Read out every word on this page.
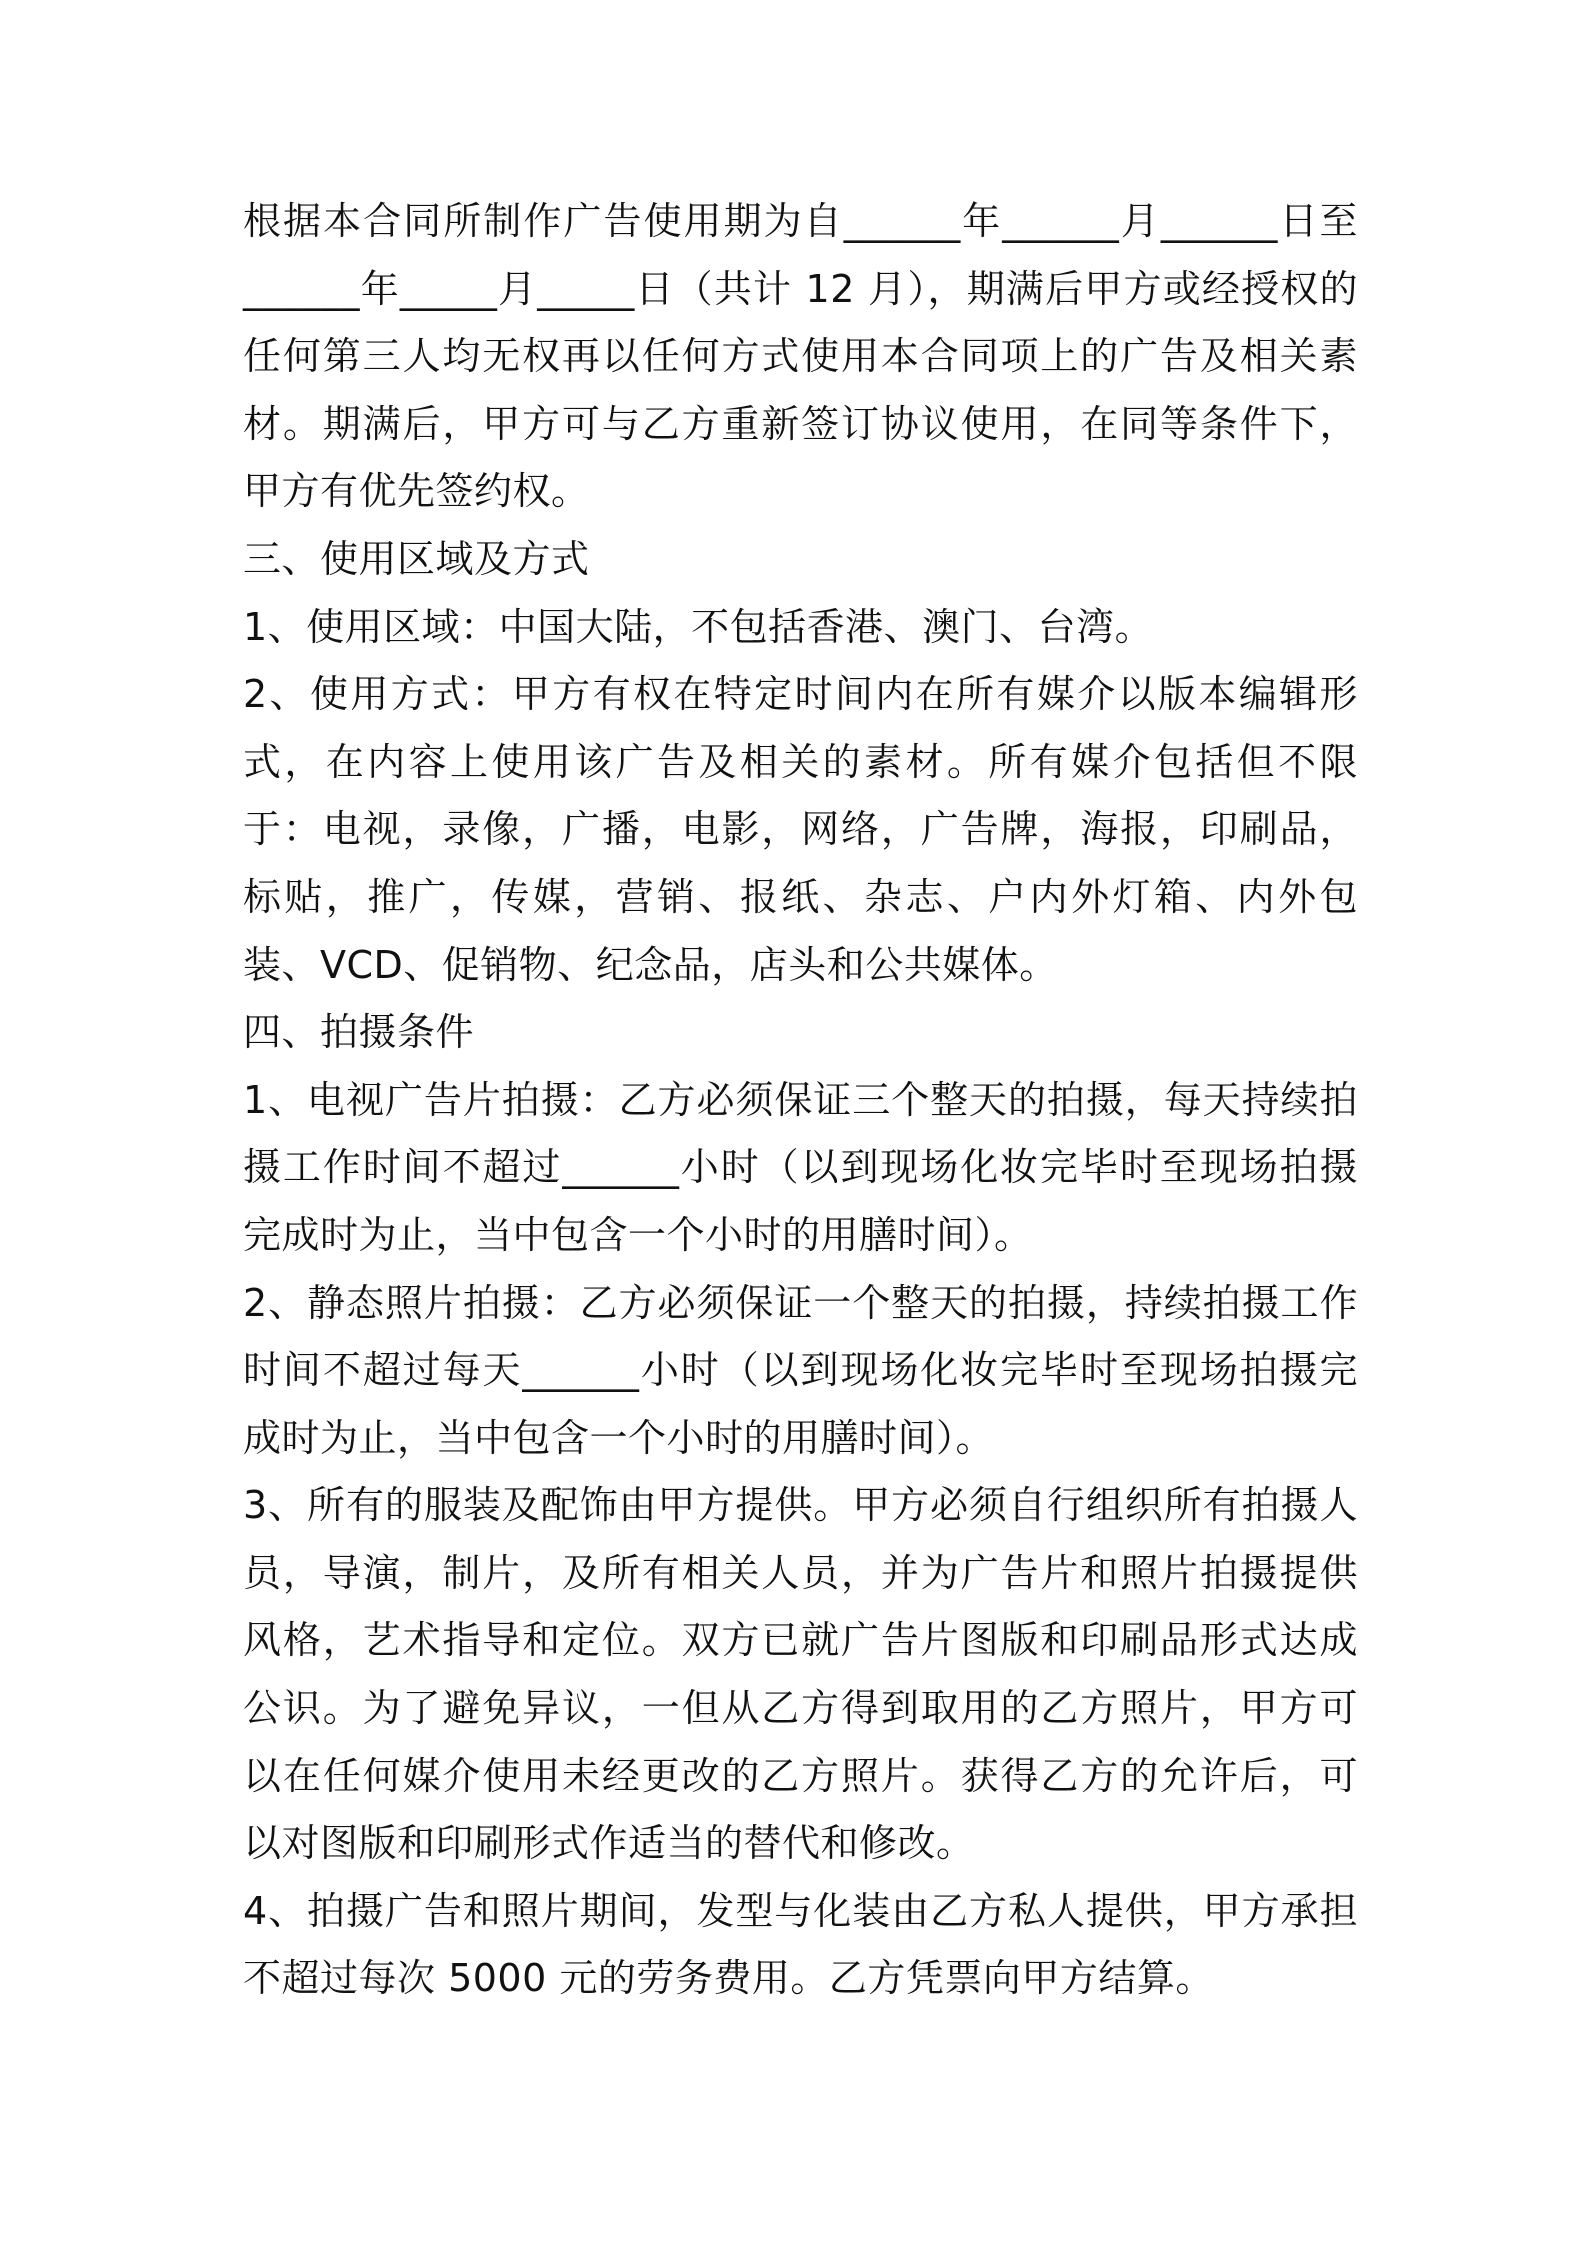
根据本合同所制作广告使用期为自______年______月______日至______年_____月_____日（共计 12 月），期满后甲方或经授权的任何第三人均无权再以任何方式使用本合同项上的广告及相关素材。期满后，甲方可与乙方重新签订协议使用，在同等条件下，甲方有优先签约权。

三、使用区域及方式

1、使用区域：中国大陆，不包括香港、澳门、台湾。

2、使用方式：甲方有权在特定时间内在所有媒介以版本编辑形式，在内容上使用该广告及相关的素材。所有媒介包括但不限于：电视，录像，广播，电影，网络，广告牌，海报，印刷品，标贴，推广，传媒，营销、报纸、杂志、户内外灯箱、内外包装、VCD、促销物、纪念品，店头和公共媒体。

四、拍摄条件

1、电视广告片拍摄：乙方必须保证三个整天的拍摄，每天持续拍摄工作时间不超过______小时（以到现场化妆完毕时至现场拍摄完成时为止，当中包含一个小时的用膳时间）。

2、静态照片拍摄：乙方必须保证一个整天的拍摄，持续拍摄工作时间不超过每天______小时（以到现场化妆完毕时至现场拍摄完成时为止，当中包含一个小时的用膳时间）。

3、所有的服装及配饰由甲方提供。甲方必须自行组织所有拍摄人员，导演，制片，及所有相关人员，并为广告片和照片拍摄提供风格，艺术指导和定位。双方已就广告片图版和印刷品形式达成公识。为了避免异议，一但从乙方得到取用的乙方照片，甲方可以在任何媒介使用未经更改的乙方照片。获得乙方的允许后，可以对图版和印刷形式作适当的替代和修改。

4、拍摄广告和照片期间，发型与化装由乙方私人提供，甲方承担不超过每次 5000 元的劳务费用。乙方凭票向甲方结算。
